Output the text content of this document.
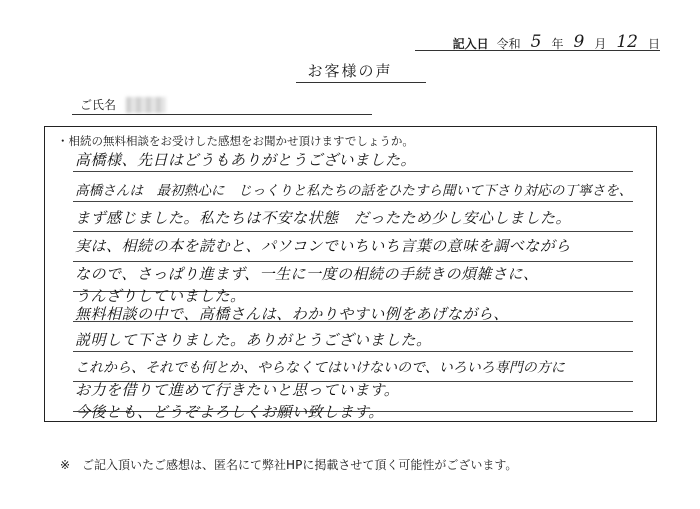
記入日 令和 5 年 9 月 12 日
お客様の声
ご氏名
・相続の無料相談をお受けした感想をお聞かせ頂けますでしょうか。
高橋様、先日はどうもありがとうございました。
高橋さんは　最初熱心に　じっくりと私たちの話をひたすら聞いて下さり対応の丁寧さを、
まず感じました。私たちは不安な状態　だったため少し安心しました。
実は、相続の本を読むと、パソコンでいちいち言葉の意味を調べながら
なので、さっぱり進まず、一生に一度の相続の手続きの煩雑さに、
うんざりしていました。
無料相談の中で、高橋さんは、わかりやすい例をあげながら、
説明して下さりました。ありがとうございました。
これから、それでも何とか、やらなくてはいけないので、いろいろ専門の方に
お力を借りて進めて行きたいと思っています。
今後とも、どうぞよろしくお願い致します。
※　ご記入頂いたご感想は、匿名にて弊社HPに掲載させて頂く可能性がございます。
